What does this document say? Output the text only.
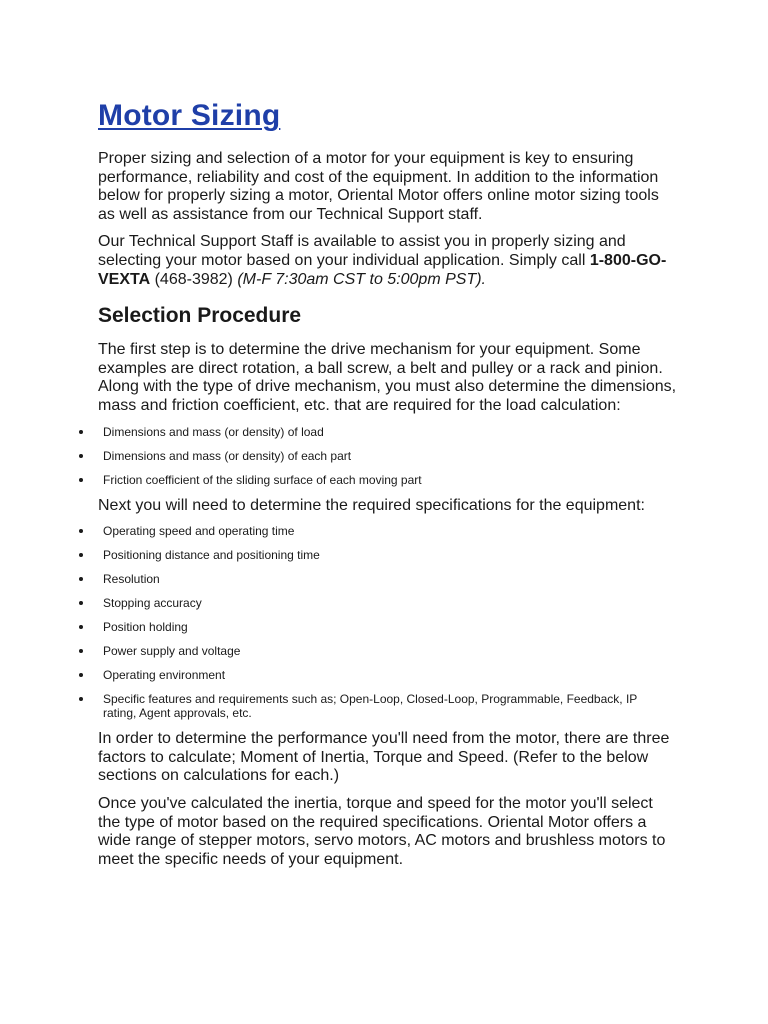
Motor Sizing

Proper sizing and selection of a motor for your equipment is key to ensuring performance, reliability and cost of the equipment. In addition to the information below for properly sizing a motor, Oriental Motor offers online motor sizing tools as well as assistance from our Technical Support staff.

Our Technical Support Staff is available to assist you in properly sizing and selecting your motor based on your individual application. Simply call 1-800-GO-VEXTA (468-3982) (M-F 7:30am CST to 5:00pm PST).

Selection Procedure

The first step is to determine the drive mechanism for your equipment. Some examples are direct rotation, a ball screw, a belt and pulley or a rack and pinion. Along with the type of drive mechanism, you must also determine the dimensions, mass and friction coefficient, etc. that are required for the load calculation:

Dimensions and mass (or density) of load
Dimensions and mass (or density) of each part
Friction coefficient of the sliding surface of each moving part

Next you will need to determine the required specifications for the equipment:

Operating speed and operating time
Positioning distance and positioning time
Resolution
Stopping accuracy
Position holding
Power supply and voltage
Operating environment
Specific features and requirements such as; Open-Loop, Closed-Loop, Programmable, Feedback, IP rating, Agent approvals, etc.

In order to determine the performance you'll need from the motor, there are three factors to calculate; Moment of Inertia, Torque and Speed. (Refer to the below sections on calculations for each.)

Once you've calculated the inertia, torque and speed for the motor you'll select the type of motor based on the required specifications. Oriental Motor offers a wide range of stepper motors, servo motors, AC motors and brushless motors to meet the specific needs of your equipment.
